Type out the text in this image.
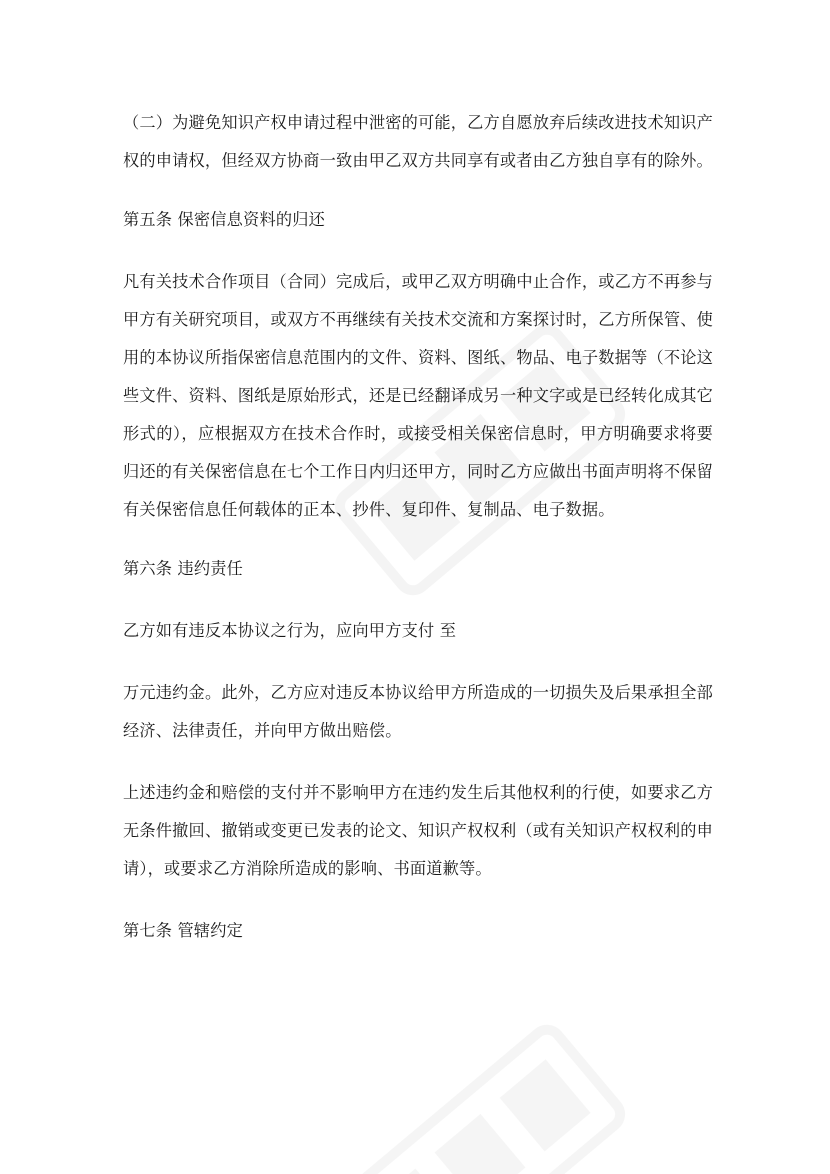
（二）为避免知识产权申请过程中泄密的可能，乙方自愿放弃后续改进技术知识产权的申请权，但经双方协商一致由甲乙双方共同享有或者由乙方独自享有的除外。

第五条 保密信息资料的归还

凡有关技术合作项目（合同）完成后，或甲乙双方明确中止合作，或乙方不再参与甲方有关研究项目，或双方不再继续有关技术交流和方案探讨时，乙方所保管、使用的本协议所指保密信息范围内的文件、资料、图纸、物品、电子数据等（不论这些文件、资料、图纸是原始形式，还是已经翻译成另一种文字或是已经转化成其它形式的），应根据双方在技术合作时，或接受相关保密信息时，甲方明确要求将要归还的有关保密信息在七个工作日内归还甲方，同时乙方应做出书面声明将不保留有关保密信息任何载体的正本、抄件、复印件、复制品、电子数据。

第六条 违约责任

乙方如有违反本协议之行为，应向甲方支付 至

万元违约金。此外，乙方应对违反本协议给甲方所造成的一切损失及后果承担全部经济、法律责任，并向甲方做出赔偿。

上述违约金和赔偿的支付并不影响甲方在违约发生后其他权利的行使，如要求乙方无条件撤回、撤销或变更已发表的论文、知识产权权利（或有关知识产权权利的申请），或要求乙方消除所造成的影响、书面道歉等。

第七条 管辖约定
